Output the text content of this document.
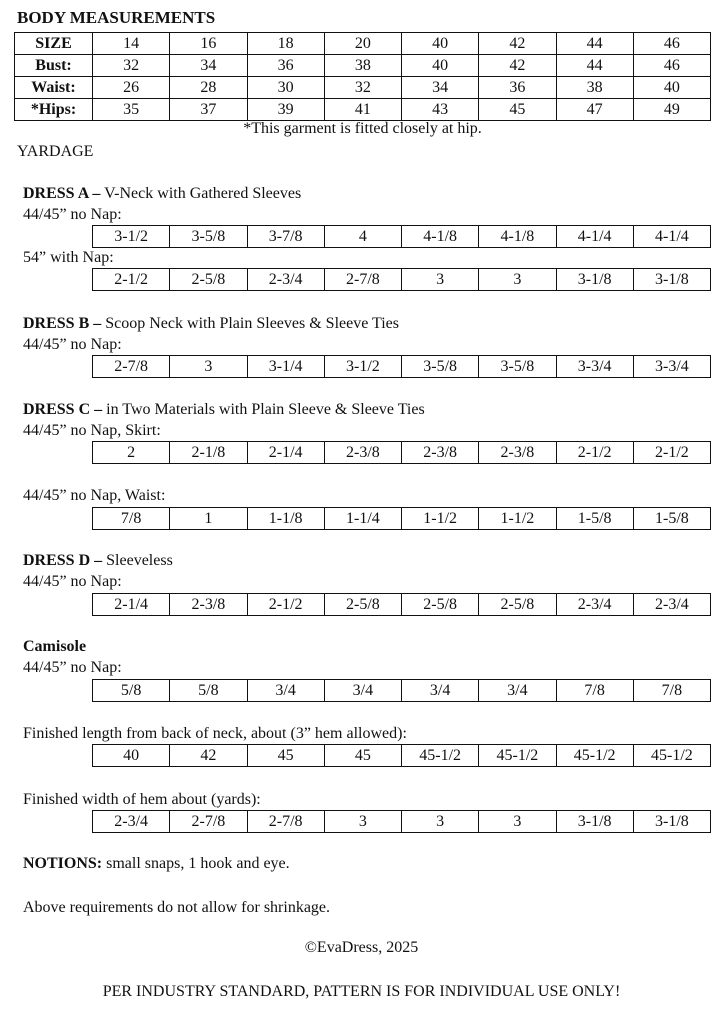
BODY MEASUREMENTS
SIZE	14	16	18	20	40	42	44	46
Bust:	32	34	36	38	40	42	44	46
Waist:	26	28	30	32	34	36	38	40
*Hips:	35	37	39	41	43	45	47	49
*This garment is fitted closely at hip.
YARDAGE
DRESS A – V-Neck with Gathered Sleeves
44/45” no Nap:
3-1/2	3-5/8	3-7/8	4	4-1/8	4-1/8	4-1/4	4-1/4
54” with Nap:
2-1/2	2-5/8	2-3/4	2-7/8	3	3	3-1/8	3-1/8
DRESS B – Scoop Neck with Plain Sleeves & Sleeve Ties
44/45” no Nap:
2-7/8	3	3-1/4	3-1/2	3-5/8	3-5/8	3-3/4	3-3/4
DRESS C – in Two Materials with Plain Sleeve & Sleeve Ties
44/45” no Nap, Skirt:
2	2-1/8	2-1/4	2-3/8	2-3/8	2-3/8	2-1/2	2-1/2
44/45” no Nap, Waist:
7/8	1	1-1/8	1-1/4	1-1/2	1-1/2	1-5/8	1-5/8
DRESS D – Sleeveless
44/45” no Nap:
2-1/4	2-3/8	2-1/2	2-5/8	2-5/8	2-5/8	2-3/4	2-3/4
Camisole
44/45” no Nap:
5/8	5/8	3/4	3/4	3/4	3/4	7/8	7/8
Finished length from back of neck, about (3” hem allowed):
40	42	45	45	45-1/2	45-1/2	45-1/2	45-1/2
Finished width of hem about (yards):
2-3/4	2-7/8	2-7/8	3	3	3	3-1/8	3-1/8
NOTIONS: small snaps, 1 hook and eye.
Above requirements do not allow for shrinkage.
©EvaDress, 2025
PER INDUSTRY STANDARD, PATTERN IS FOR INDIVIDUAL USE ONLY!
